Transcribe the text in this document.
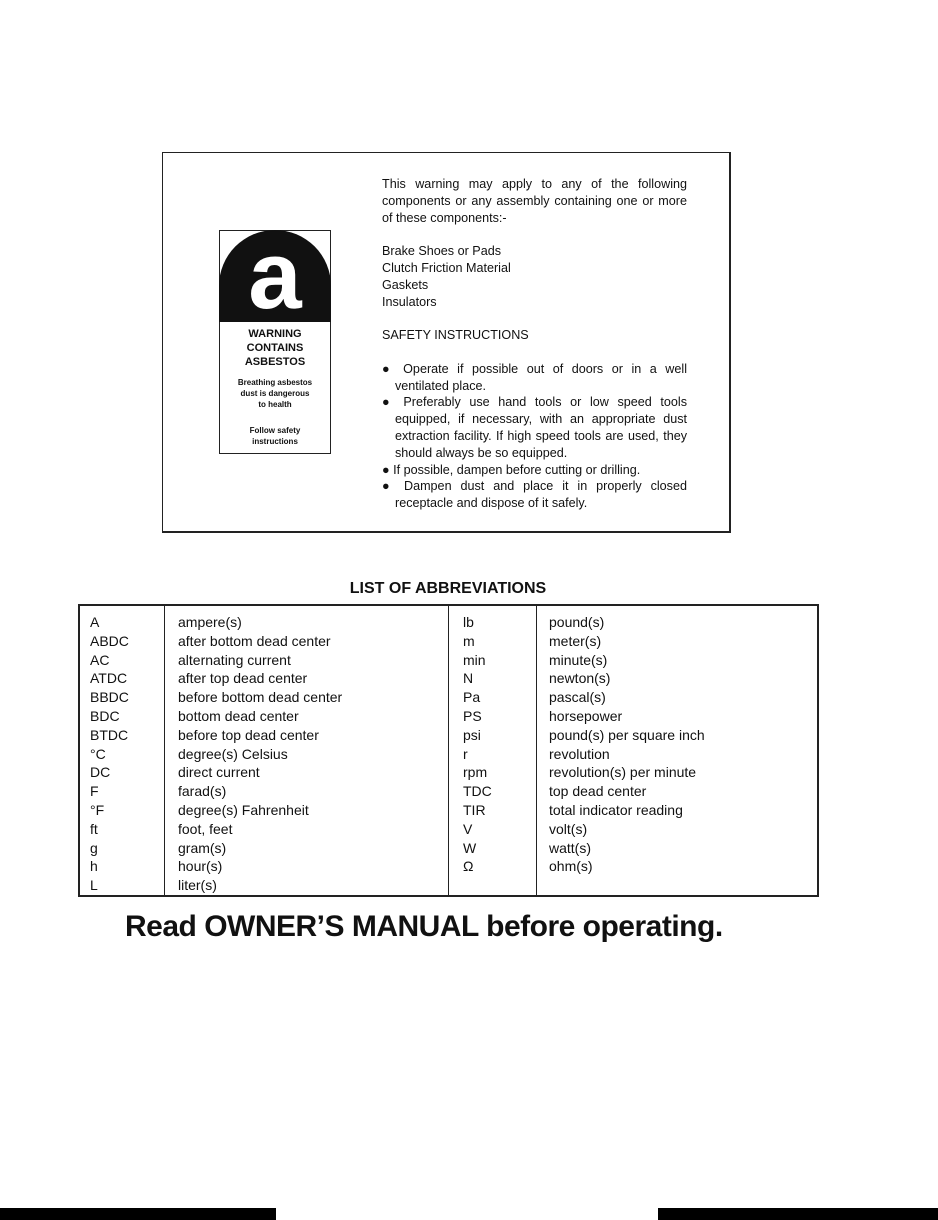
a
WARNING
CONTAINS
ASBESTOS
Breathing asbestos
dust is dangerous
to health
Follow safety
instructions

This warning may apply to any of the following components or any assembly containing one or more of these components:-

Brake Shoes or Pads

Clutch Friction Material

Gaskets

Insulators

SAFETY INSTRUCTIONS

● Operate if possible out of doors or in a well ventilated place.

● Preferably use hand tools or low speed tools equipped, if necessary, with an appropriate dust extraction facility. If high speed tools are used, they should always be so equipped.

● If possible, dampen before cutting or drilling.

● Dampen dust and place it in properly closed receptacle and dispose of it safely.

LIST OF ABBREVIATIONS
A
ABDC
AC
ATDC
BBDC
BDC
BTDC
°C
DC
F
°F
ft
g
h
L
ampere(s)
after bottom dead center
alternating current
after top dead center
before bottom dead center
bottom dead center
before top dead center
degree(s) Celsius
direct current
farad(s)
degree(s) Fahrenheit
foot, feet
gram(s)
hour(s)
liter(s)
lb
m
min
N
Pa
PS
psi
r
rpm
TDC
TIR
V
W
Ω
pound(s)
meter(s)
minute(s)
newton(s)
pascal(s)
horsepower
pound(s) per square inch
revolution
revolution(s) per minute
top dead center
total indicator reading
volt(s)
watt(s)
ohm(s)
Read OWNER’S MANUAL before operating.
